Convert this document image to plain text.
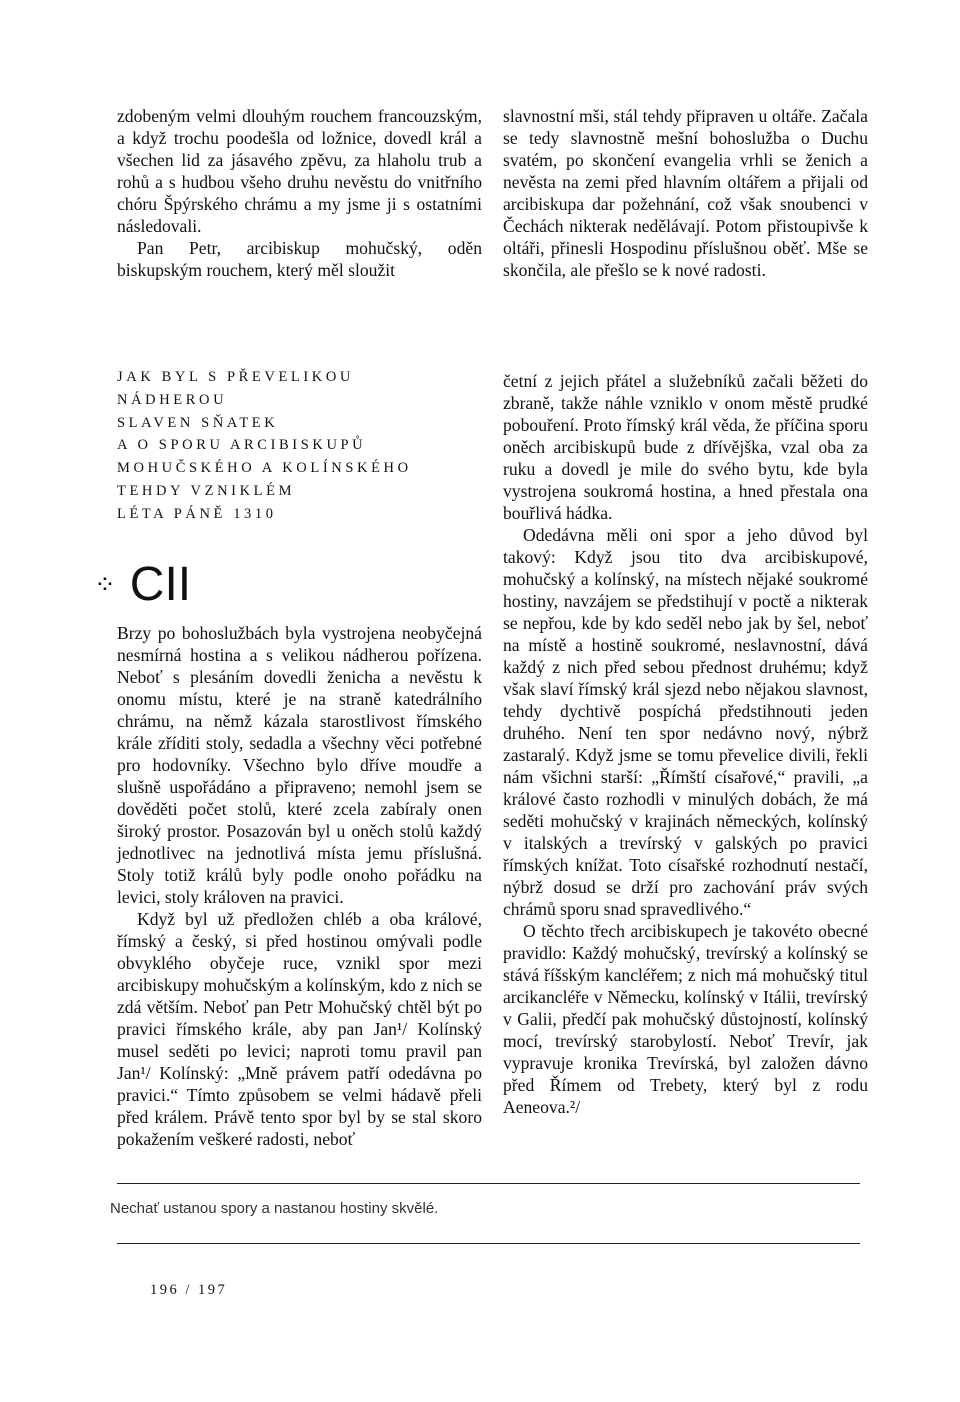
zdobeným velmi dlouhým rouchem francouzským, a když trochu poodešla od ložnice, dovedl král a všechen lid za jásavého zpěvu, za hlaholu trub a rohů a s hudbou všeho druhu nevěstu do vnitřního chóru Špýrského chrámu a my jsme ji s ostatními následovali.

Pan Petr, arcibiskup mohučský, oděn biskupským rouchem, který měl sloužit

slavnostní mši, stál tehdy připraven u oltáře. Začala se tedy slavnostně mešní bohoslužba o Duchu svatém, po skončení evangelia vrhli se ženich a nevěsta na zemi před hlavním oltářem a přijali od arcibiskupa dar požehnání, což však snoubenci v Čechách nikterak nedělávají. Potom přistoupivše k oltáři, přinesli Hospodinu příslušnou oběť. Mše se skončila, ale přešlo se k nové radosti.

JAK BYL S PŘEVELIKOU
NÁDHEROU
SLAVEN SŇATEK
A O SPORU ARCIBISKUPŮ
MOHUČSKÉHO A KOLÍNSKÉHO
TEHDY VZNIKLÉM
LÉTA PÁNĚ 1310
⁘ CII

Brzy po bohoslužbách byla vystrojena neobyčejná nesmírná hostina a s velikou nádherou pořízena. Neboť s plesáním dovedli ženicha a nevěstu k onomu místu, které je na straně katedrálního chrámu, na němž kázala starostlivost římského krále zříditi stoly, sedadla a všechny věci potřebné pro hodovníky. Všechno bylo dříve moudře a slušně uspořádáno a připraveno; nemohl jsem se dověděti počet stolů, které zcela zabíraly onen široký prostor. Posazován byl u oněch stolů každý jednotlivec na jednotlivá místa jemu příslušná. Stoly totiž králů byly podle onoho pořádku na levici, stoly královen na pravici.

Když byl už předložen chléb a oba králové, římský a český, si před hostinou omývali podle obvyklého obyčeje ruce, vznikl spor mezi arcibiskupy mohučským a kolínským, kdo z nich se zdá větším. Neboť pan Petr Mohučský chtěl být po pravici římského krále, aby pan Jan¹/ Kolínský musel seděti po levici; naproti tomu pravil pan Jan¹/ Kolínský: „Mně právem patří odedávna po pravici.“ Tímto způsobem se velmi hádavě přeli před králem. Právě tento spor byl by se stal skoro pokažením veškeré radosti, neboť

četní z jejich přátel a služebníků začali běžeti do zbraně, takže náhle vzniklo v onom městě prudké pobouření. Proto římský král věda, že příčina sporu oněch arcibiskupů bude z dřívějška, vzal oba za ruku a dovedl je mile do svého bytu, kde byla vystrojena soukromá hostina, a hned přestala ona bouřlivá hádka.

Odedávna měli oni spor a jeho důvod byl takový: Když jsou tito dva arcibiskupové, mohučský a kolínský, na místech nějaké soukromé hostiny, navzájem se předstihují v poctě a nikterak se nepřou, kde by kdo seděl nebo jak by šel, neboť na místě a hostině soukromé, neslavnostní, dává každý z nich před sebou přednost druhému; když však slaví římský král sjezd nebo nějakou slavnost, tehdy dychtivě pospíchá předstihnouti jeden druhého. Není ten spor nedávno nový, nýbrž zastaralý. Když jsme se tomu převelice divili, řekli nám všichni starší: „Římští císařové,“ pravili, „a králové často rozhodli v minulých dobách, že má seděti mohučský v krajinách německých, kolínský v italských a trevírský v galských po pravici římských knížat. Toto císařské rozhodnutí nestačí, nýbrž dosud se drží pro zachování práv svých chrámů sporu snad spravedlivého.“

O těchto třech arcibiskupech je takovéto obecné pravidlo: Každý mohučský, trevírský a kolínský se stává říšským kancléřem; z nich má mohučský titul arcikancléře v Německu, kolínský v Itálii, trevírský v Galii, předčí pak mohučský důstojností, kolínský mocí, trevírský starobylostí. Neboť Trevír, jak vypravuje kronika Trevírská, byl založen dávno před Římem od Trebety, který byl z rodu Aeneova.²/

Nechať ustanou spory a nastanou hostiny skvělé.
196 / 197
